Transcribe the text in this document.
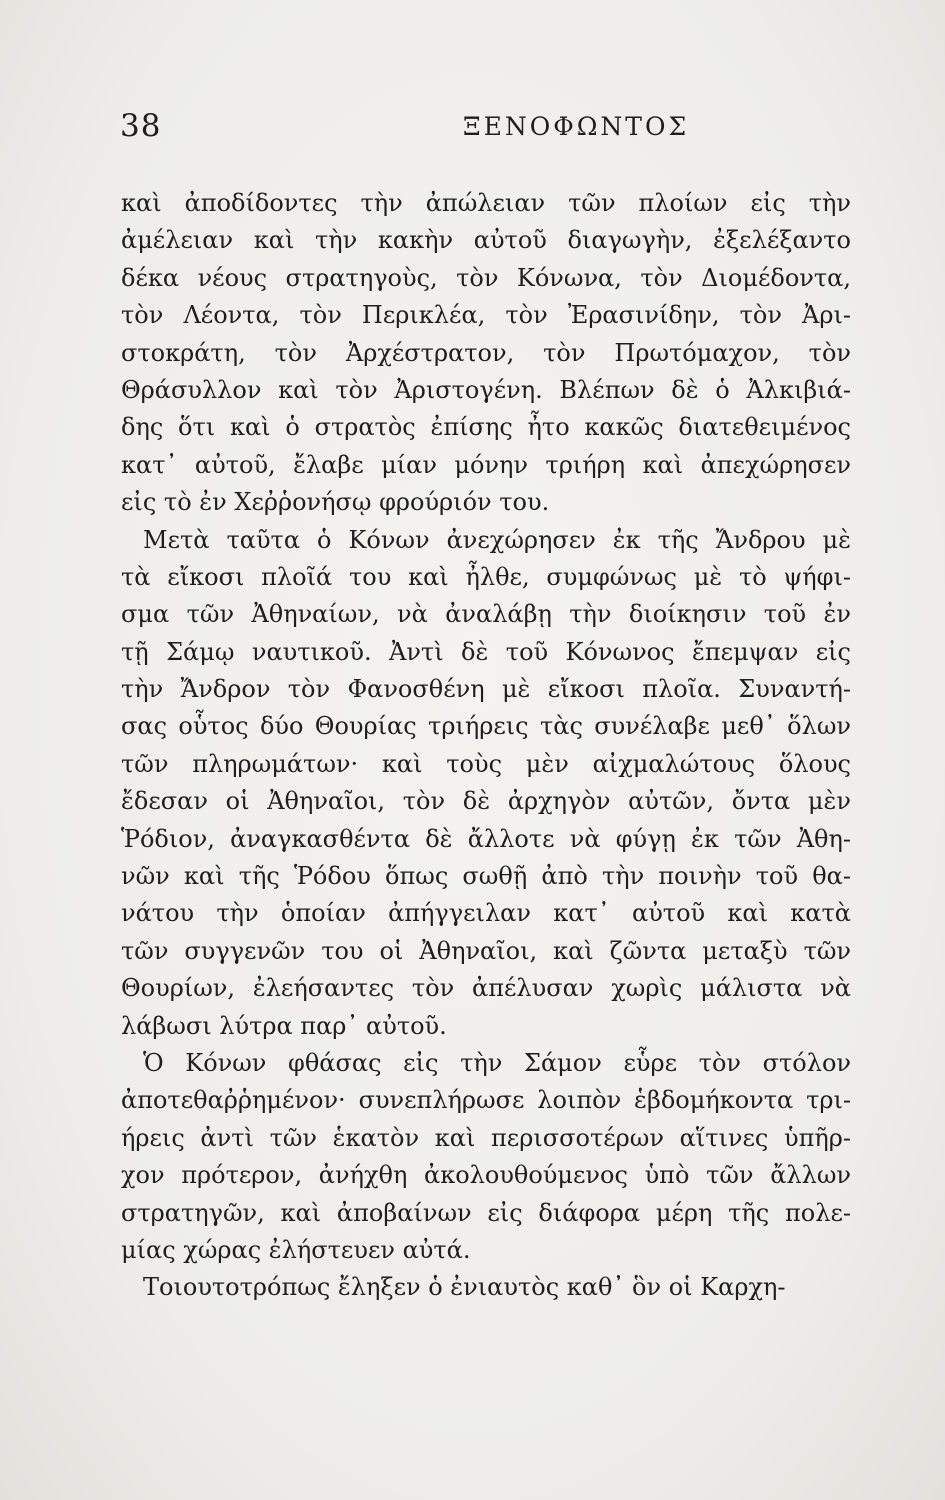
38	ΞΕΝΟΦΩΝΤΟΣ
καὶ ἀποδίδοντες τὴν ἀπώλειαν τῶν πλοίων εἰς τὴν
ἀμέλειαν καὶ τὴν κακὴν αὐτοῦ διαγωγὴν, ἐξελέξαντο
δέκα νέους στρατηγοὺς, τὸν Κόνωνα, τὸν Διομέδοντα,
τὸν Λέοντα, τὸν Περικλέα, τὸν Ἐρασινίδην, τὸν Ἀρι-
στοκράτη, τὸν Ἀρχέστρατον, τὸν Πρωτόμαχον, τὸν
Θράσυλλον καὶ τὸν Ἀριστογένη. Βλέπων δὲ ὁ Ἀλκιβιά-
δης ὅτι καὶ ὁ στρατὸς ἐπίσης ἦτο κακῶς διατεθειμένος
κατ᾽ αὐτοῦ, ἔλαβε μίαν μόνην τριήρη καὶ ἀπεχώρησεν
εἰς τὸ ἐν Χεῤῥονήσῳ φρούριόν του.
Μετὰ ταῦτα ὁ Κόνων ἀνεχώρησεν ἐκ τῆς Ἄνδρου μὲ
τὰ εἴκοσι πλοῖά του καὶ ἦλθε, συμφώνως μὲ τὸ ψήφι-
σμα τῶν Ἀθηναίων, νὰ ἀναλάβῃ τὴν διοίκησιν τοῦ ἐν
τῇ Σάμῳ ναυτικοῦ. Ἀντὶ δὲ τοῦ Κόνωνος ἔπεμψαν εἰς
τὴν Ἄνδρον τὸν Φανοσθένη μὲ εἴκοσι πλοῖα. Συναντή-
σας οὗτος δύο Θουρίας τριήρεις τὰς συνέλαβε μεθ᾽ ὅλων
τῶν πληρωμάτων· καὶ τοὺς μὲν αἰχμαλώτους ὅλους
ἔδεσαν οἱ Ἀθηναῖοι, τὸν δὲ ἀρχηγὸν αὐτῶν, ὄντα μὲν
Ῥόδιον, ἀναγκασθέντα δὲ ἄλλοτε νὰ φύγῃ ἐκ τῶν Ἀθη-
νῶν καὶ τῆς Ῥόδου ὅπως σωθῇ ἀπὸ τὴν ποινὴν τοῦ θα-
νάτου τὴν ὁποίαν ἀπήγγειλαν κατ᾽ αὐτοῦ καὶ κατὰ
τῶν συγγενῶν του οἱ Ἀθηναῖοι, καὶ ζῶντα μεταξὺ τῶν
Θουρίων, ἐλεήσαντες τὸν ἀπέλυσαν χωρὶς μάλιστα νὰ
λάβωσι λύτρα παρ᾽ αὐτοῦ.
Ὁ Κόνων φθάσας εἰς τὴν Σάμον εὗρε τὸν στόλον
ἀποτεθαῤῥημένον· συνεπλήρωσε λοιπὸν ἑβδομήκοντα τρι-
ήρεις ἀντὶ τῶν ἑκατὸν καὶ περισσοτέρων αἵτινες ὑπῆρ-
χον πρότερον, ἀνήχθη ἀκολουθούμενος ὑπὸ τῶν ἄλλων
στρατηγῶν, καὶ ἀποβαίνων εἰς διάφορα μέρη τῆς πολε-
μίας χώρας ἐλήστευεν αὐτά.
Τοιουτοτρόπως ἔληξεν ὁ ἐνιαυτὸς καθ᾽ ὃν οἱ Καρχη-
